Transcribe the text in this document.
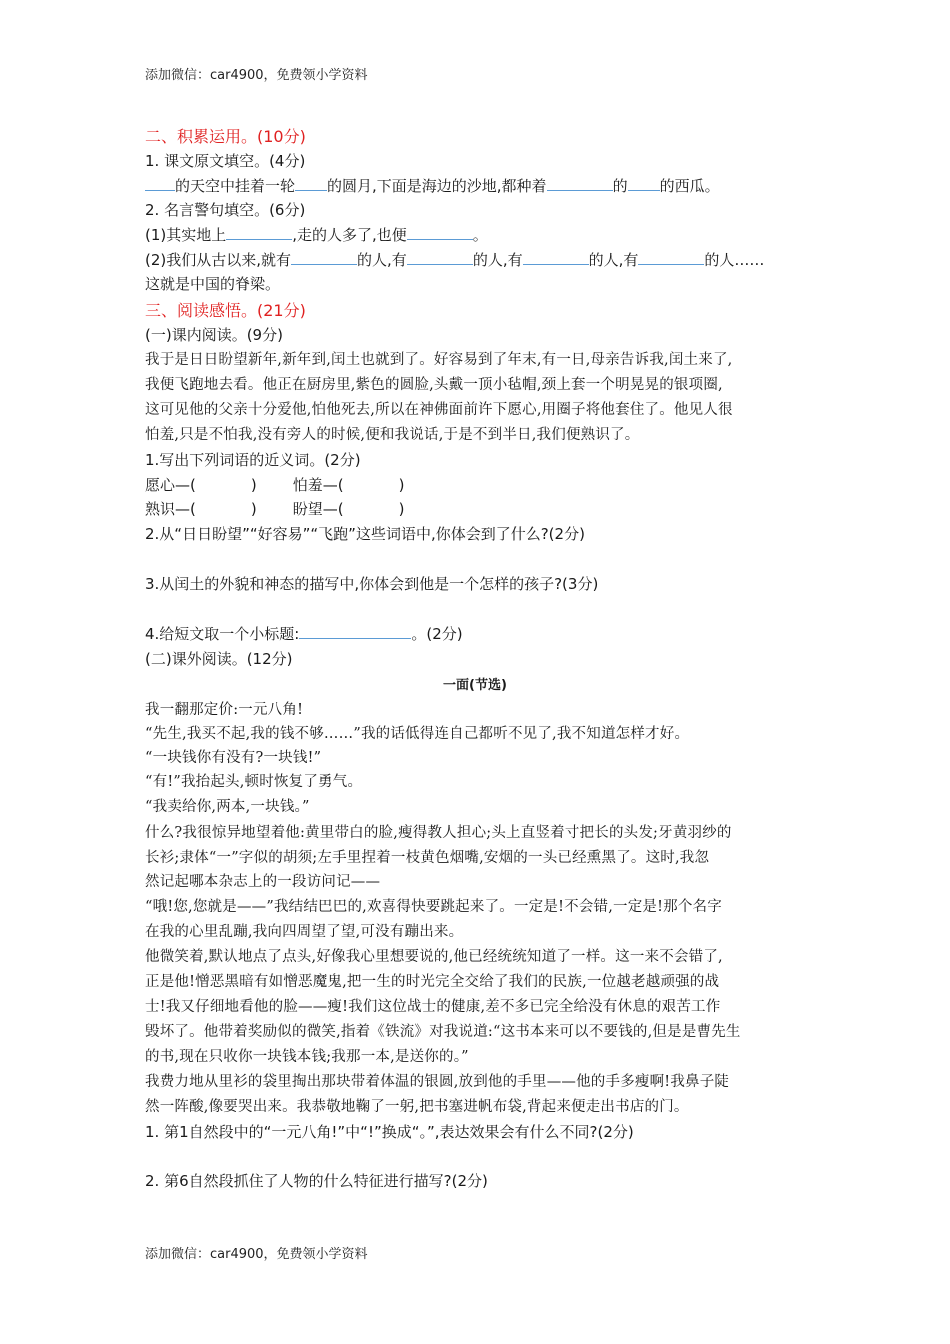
添加微信：car4900，免费领小学资料
二、积累运用。(10分)
1. 课文原文填空。(4分)
的天空中挂着一轮 的圆月,下面是海边的沙地,都种着	的 的西瓜。
2. 名言警句填空。(6分)
(1)其实地上	,走的人多了,也便	。
(2)我们从古以来,就有	的人,有	的人,有	的人,有	的人……
这就是中国的脊梁。
三、阅读感悟。(21分)
(一)课内阅读。(9分)
我于是日日盼望新年,新年到,闰土也就到了。好容易到了年末,有一日,母亲告诉我,闰土来了,
我便飞跑地去看。他正在厨房里,紫色的圆脸,头戴一顶小毡帽,颈上套一个明晃晃的银项圈,
这可见他的父亲十分爱他,怕他死去,所以在神佛面前许下愿心,用圈子将他套住了。他见人很
怕羞,只是不怕我,没有旁人的时候,便和我说话,于是不到半日,我们便熟识了。
1.写出下列词语的近义词。(2分)
愿心—(	) 怕羞—(	)
熟识—(	) 盼望—(	)
2.从“日日盼望”“好容易”“飞跑”这些词语中,你体会到了什么?(2分)
3.从闰土的外貌和神态的描写中,你体会到他是一个怎样的孩子?(3分)
4.给短文取一个小标题:	。(2分)
(二)课外阅读。(12分)
一面(节选)
我一翻那定价:一元八角!
“先生,我买不起,我的钱不够……”我的话低得连自己都听不见了,我不知道怎样才好。
“一块钱你有没有?一块钱!”
“有!”我抬起头,顿时恢复了勇气。
“我卖给你,两本,一块钱。”
什么?我很惊异地望着他:黄里带白的脸,瘦得教人担心;头上直竖着寸把长的头发;牙黄羽纱的
长衫;隶体“一”字似的胡须;左手里捏着一枝黄色烟嘴,安烟的一头已经熏黑了。这时,我忽
然记起哪本杂志上的一段访问记——
“哦!您,您就是——”我结结巴巴的,欢喜得快要跳起来了。一定是!不会错,一定是!那个名字
在我的心里乱蹦,我向四周望了望,可没有蹦出来。
他微笑着,默认地点了点头,好像我心里想要说的,他已经统统知道了一样。这一来不会错了,
正是他!憎恶黑暗有如憎恶魔鬼,把一生的时光完全交给了我们的民族,一位越老越顽强的战
士!我又仔细地看他的脸——瘦!我们这位战士的健康,差不多已完全给没有休息的艰苦工作
毁坏了。他带着奖励似的微笑,指着《铁流》对我说道:“这书本来可以不要钱的,但是是曹先生
的书,现在只收你一块钱本钱;我那一本,是送你的。”
我费力地从里衫的袋里掏出那块带着体温的银圆,放到他的手里——他的手多瘦啊!我鼻子陡
然一阵酸,像要哭出来。我恭敬地鞠了一躬,把书塞进帆布袋,背起来便走出书店的门。
1. 第1自然段中的“一元八角!”中“!”换成“。”,表达效果会有什么不同?(2分)
2. 第6自然段抓住了人物的什么特征进行描写?(2分)
添加微信：car4900，免费领小学资料
